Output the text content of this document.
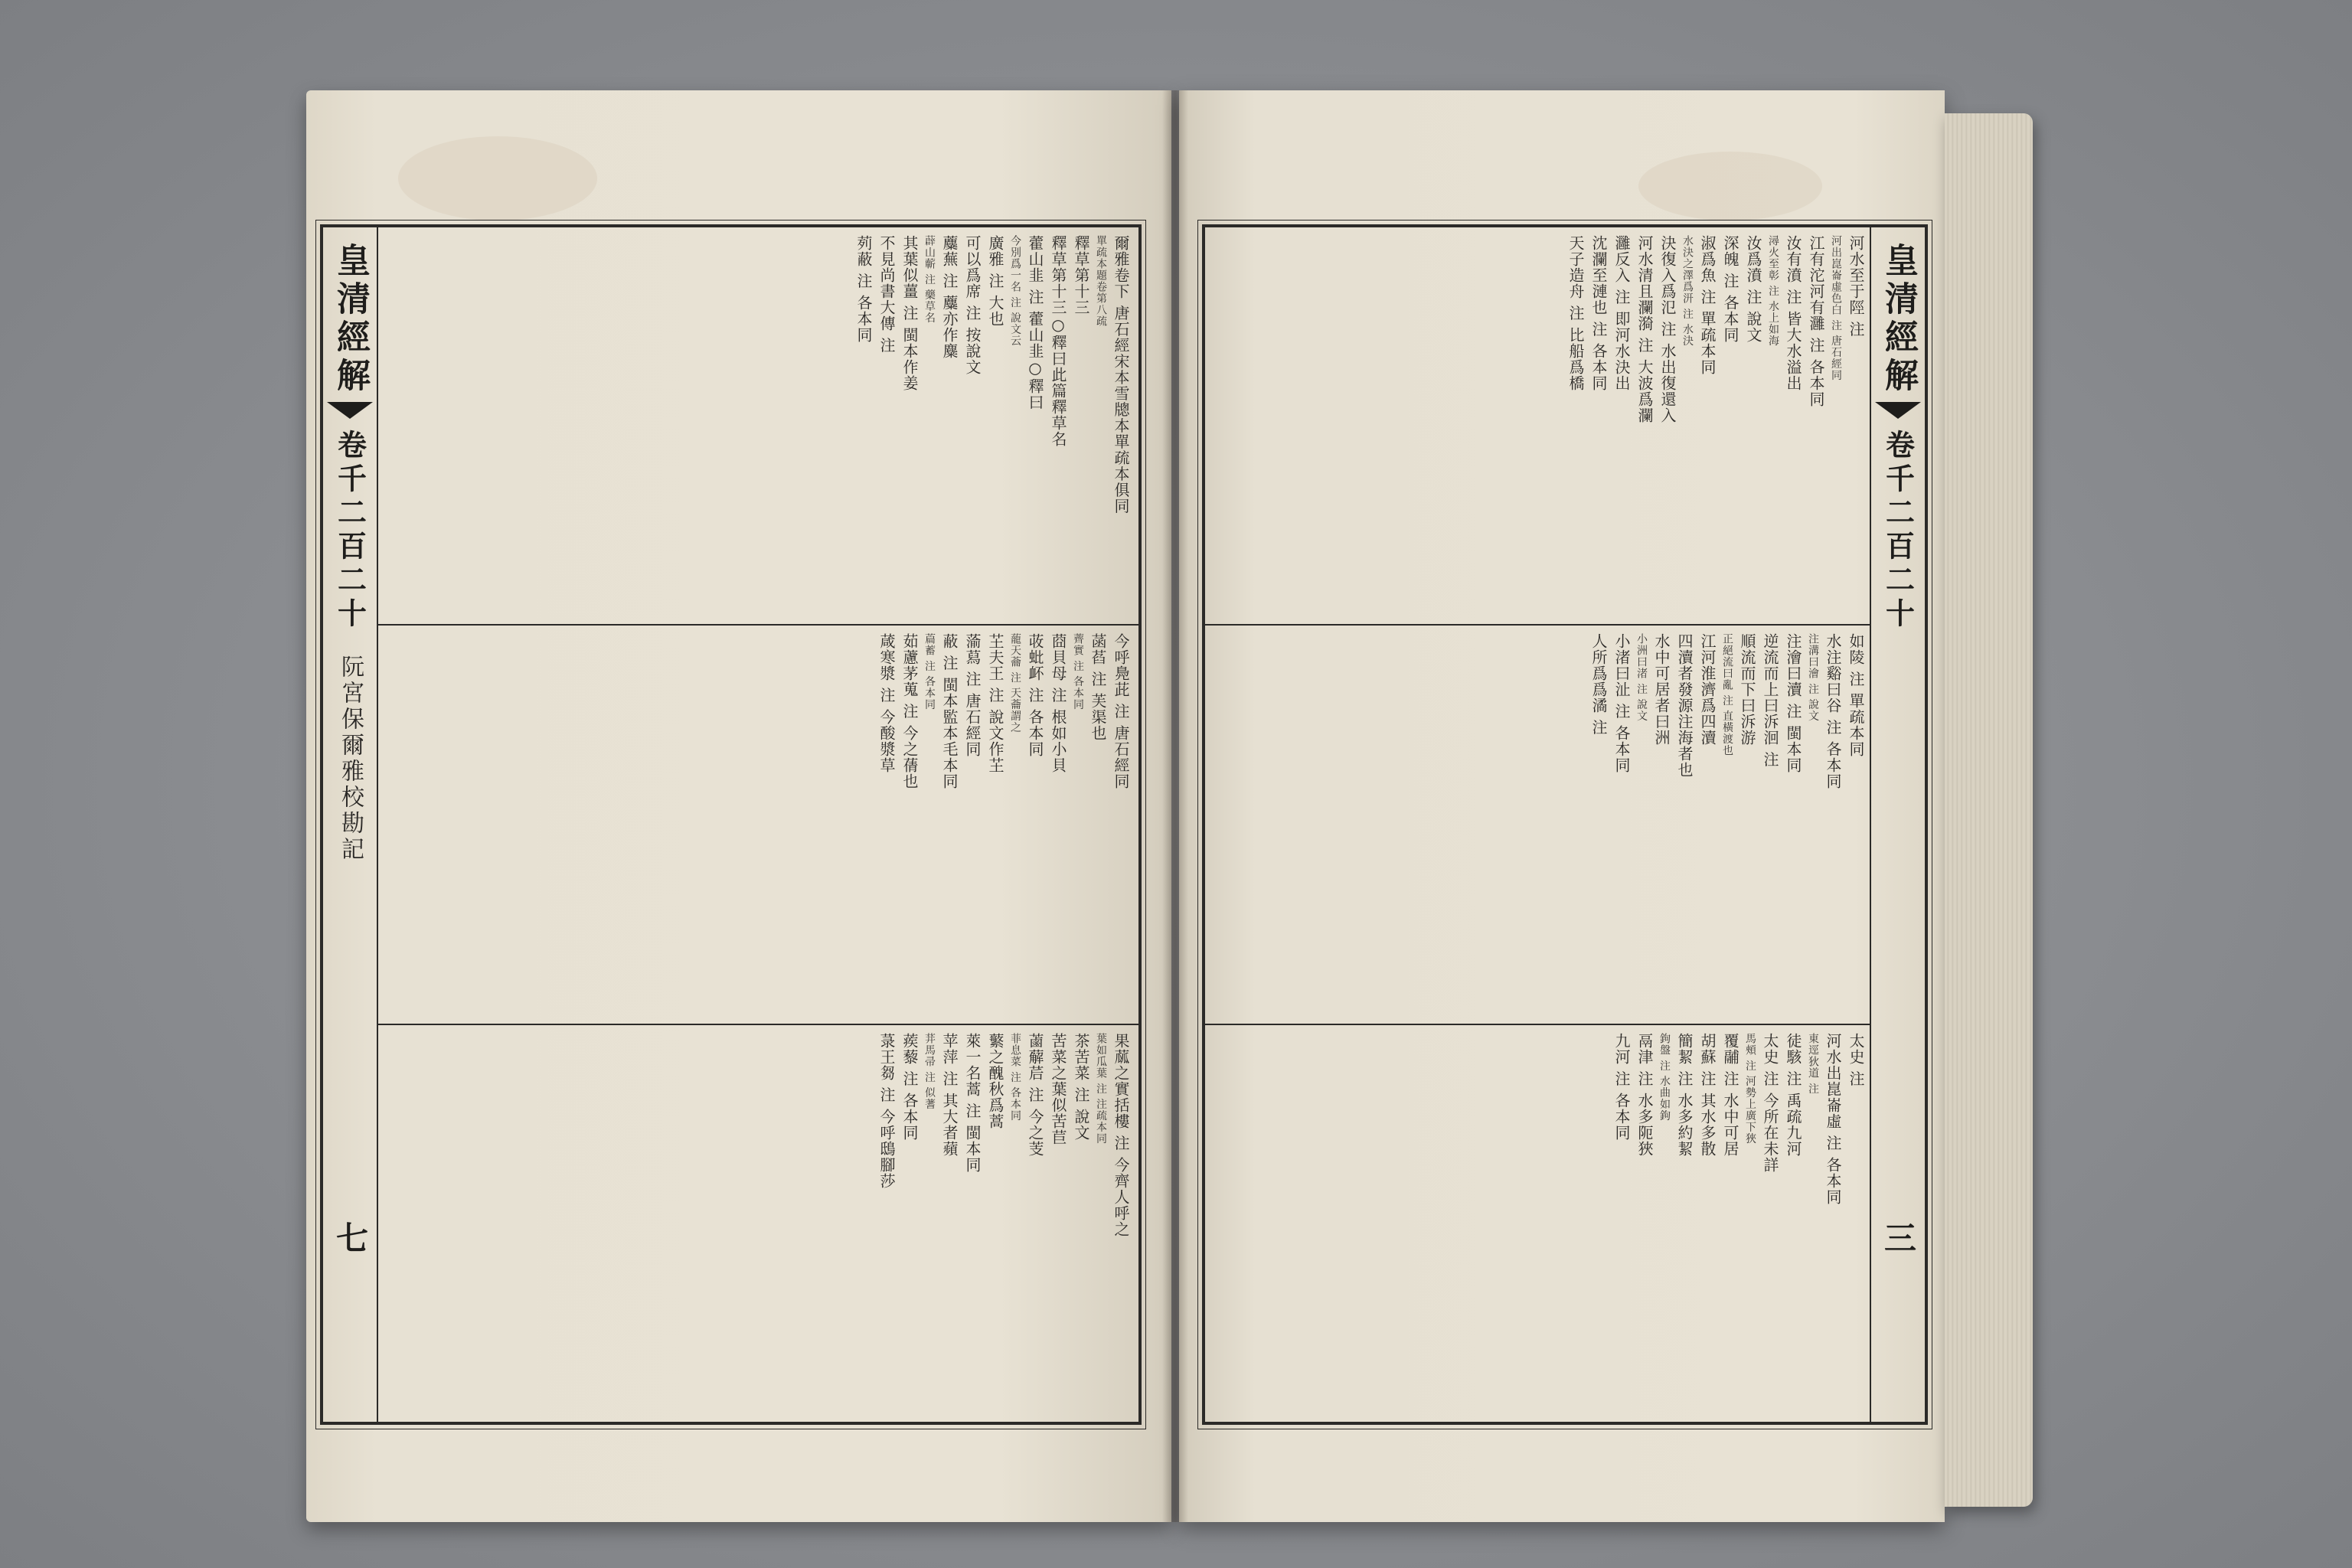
皇清經解
卷千二百二十
阮宮保爾雅校勘記
七
爾雅卷下 唐石經宋本雪牕本單疏本俱同
單疏本題卷第八疏
釋草第十三
釋草第十三○釋曰此篇釋草名
藿山韭 注 藿山韭○釋曰
今別爲一名 注 說文云
廣雅 注 大也
可以爲席 注 按說文
蘪蕪 注 蘪亦作麋
薜山蘄 注 藥草名
其葉似薑 注 閩本作姜
不見尚書大傳 注
茢蔽 注 各本同
今呼鳧茈 注 唐石經同
菡萏 注 芙渠也
薺實 注 各本同
莔貝母 注 根如小貝
荍蚍衃 注 各本同
蘢天蘥 注 天蘥謂之
芏夫王 注 說文作芏
蕍蕮 注 唐石經同
蔽 注 閩本監本毛本同
萹蓄 注 各本同
茹藘茅蒐 注 今之蒨也
葴寒漿 注 今酸漿草
果蓏之實括樓 注 今齊人呼之
葉如瓜葉 注 注疏本同
茶苦菜 注 說文
苦菜之葉似苦苣
蓾薢茩 注 今之芰
菲息菜 注 各本同
蘩之醜秋爲蒿
萊一名蒿 注 閩本同
苹萍 注 其大者蘋
荓馬帚 注 似蓍
蒺藜 注 各本同
菉王芻 注 今呼鴟腳莎
皇清經解
卷千二百二十
三
河水至于陘 注
河出崑崙虛色白 注 唐石經同
江有沱河有灉 注 各本同
汝有濆 注 皆大水溢出
潯火至彰 注 水上如海
汝爲濆 注 說文
深魄 注 各本同
淑爲魚 注 單疏本同
水決之澤爲汧 注 水決
決復入爲氾 注 水出復還入
河水清且瀾漪 注 大波爲瀾
灉反入 注 即河水決出
沈瀾至漣也 注 各本同
天子造舟 注 比船爲橋
如陵 注 單疏本同
水注谿曰谷 注 各本同
注溝曰澮 注 說文
注澮曰瀆 注 閩本同
逆流而上曰泝洄 注
順流而下曰泝游
正絕流曰亂 注 直橫渡也
江河淮濟爲四瀆
四瀆者發源注海者也
水中可居者曰洲
小洲曰渚 注 說文
小渚曰沚 注 各本同
人所爲爲潏 注
太史 注
河水出崑崙虛 注 各本同
東逕狄道 注
徒駭 注 禹疏九河
太史 注 今所在未詳
馬頰 注 河勢上廣下狹
覆鬴 注 水中可居
胡蘇 注 其水多散
簡絜 注 水多約絜
鉤盤 注 水曲如鉤
鬲津 注 水多阨狹
九河 注 各本同
